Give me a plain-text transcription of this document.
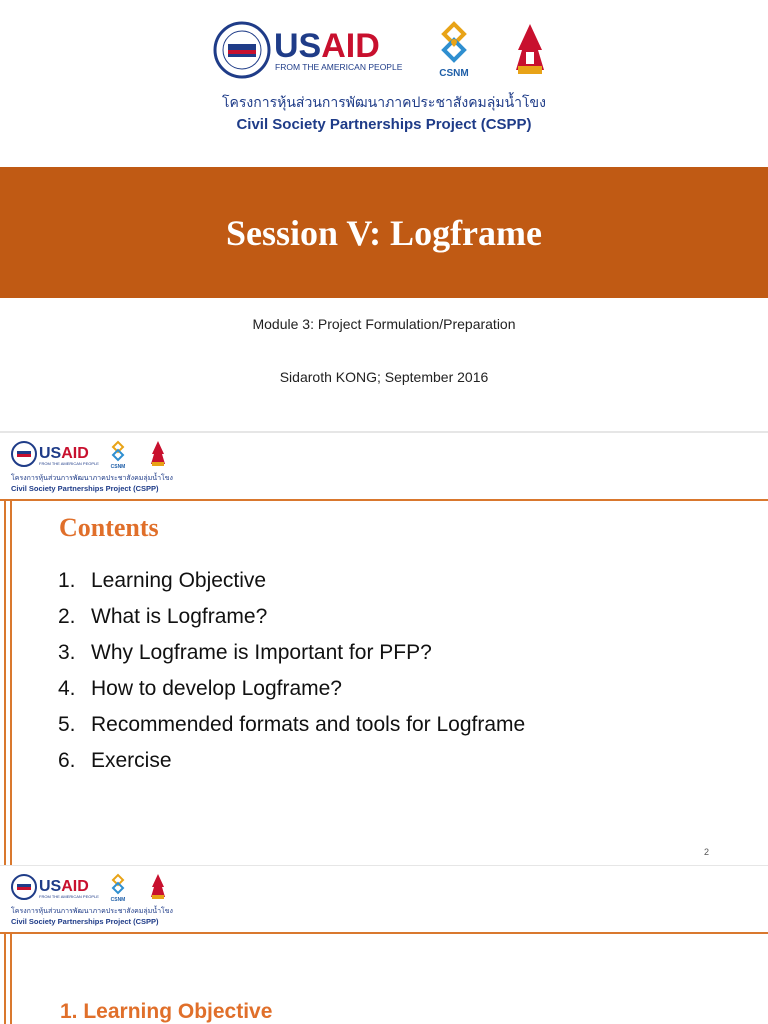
USAID
FROM THE AMERICAN PEOPLE
CSNM
โครงการหุ้นส่วนการพัฒนาภาคประชาสังคมลุ่มน้ำโขง
Civil Society Partnerships Project (CSPP)
Session V: Logframe
Module 3: Project Formulation/Preparation
Sidaroth KONG; September 2016
USAID
FROM THE AMERICAN PEOPLE
CSNM
โครงการหุ้นส่วนการพัฒนาภาคประชาสังคมลุ่มน้ำโขง
Civil Society Partnerships Project (CSPP)
Contents
1. Learning Objective
2. What is Logframe?
3. Why Logframe is Important for PFP?
4. How to develop Logframe?
5. Recommended formats and tools for Logframe
6. Exercise
2
USAID
FROM THE AMERICAN PEOPLE
CSNM
โครงการหุ้นส่วนการพัฒนาภาคประชาสังคมลุ่มน้ำโขง
Civil Society Partnerships Project (CSPP)
1. Learning Objective
